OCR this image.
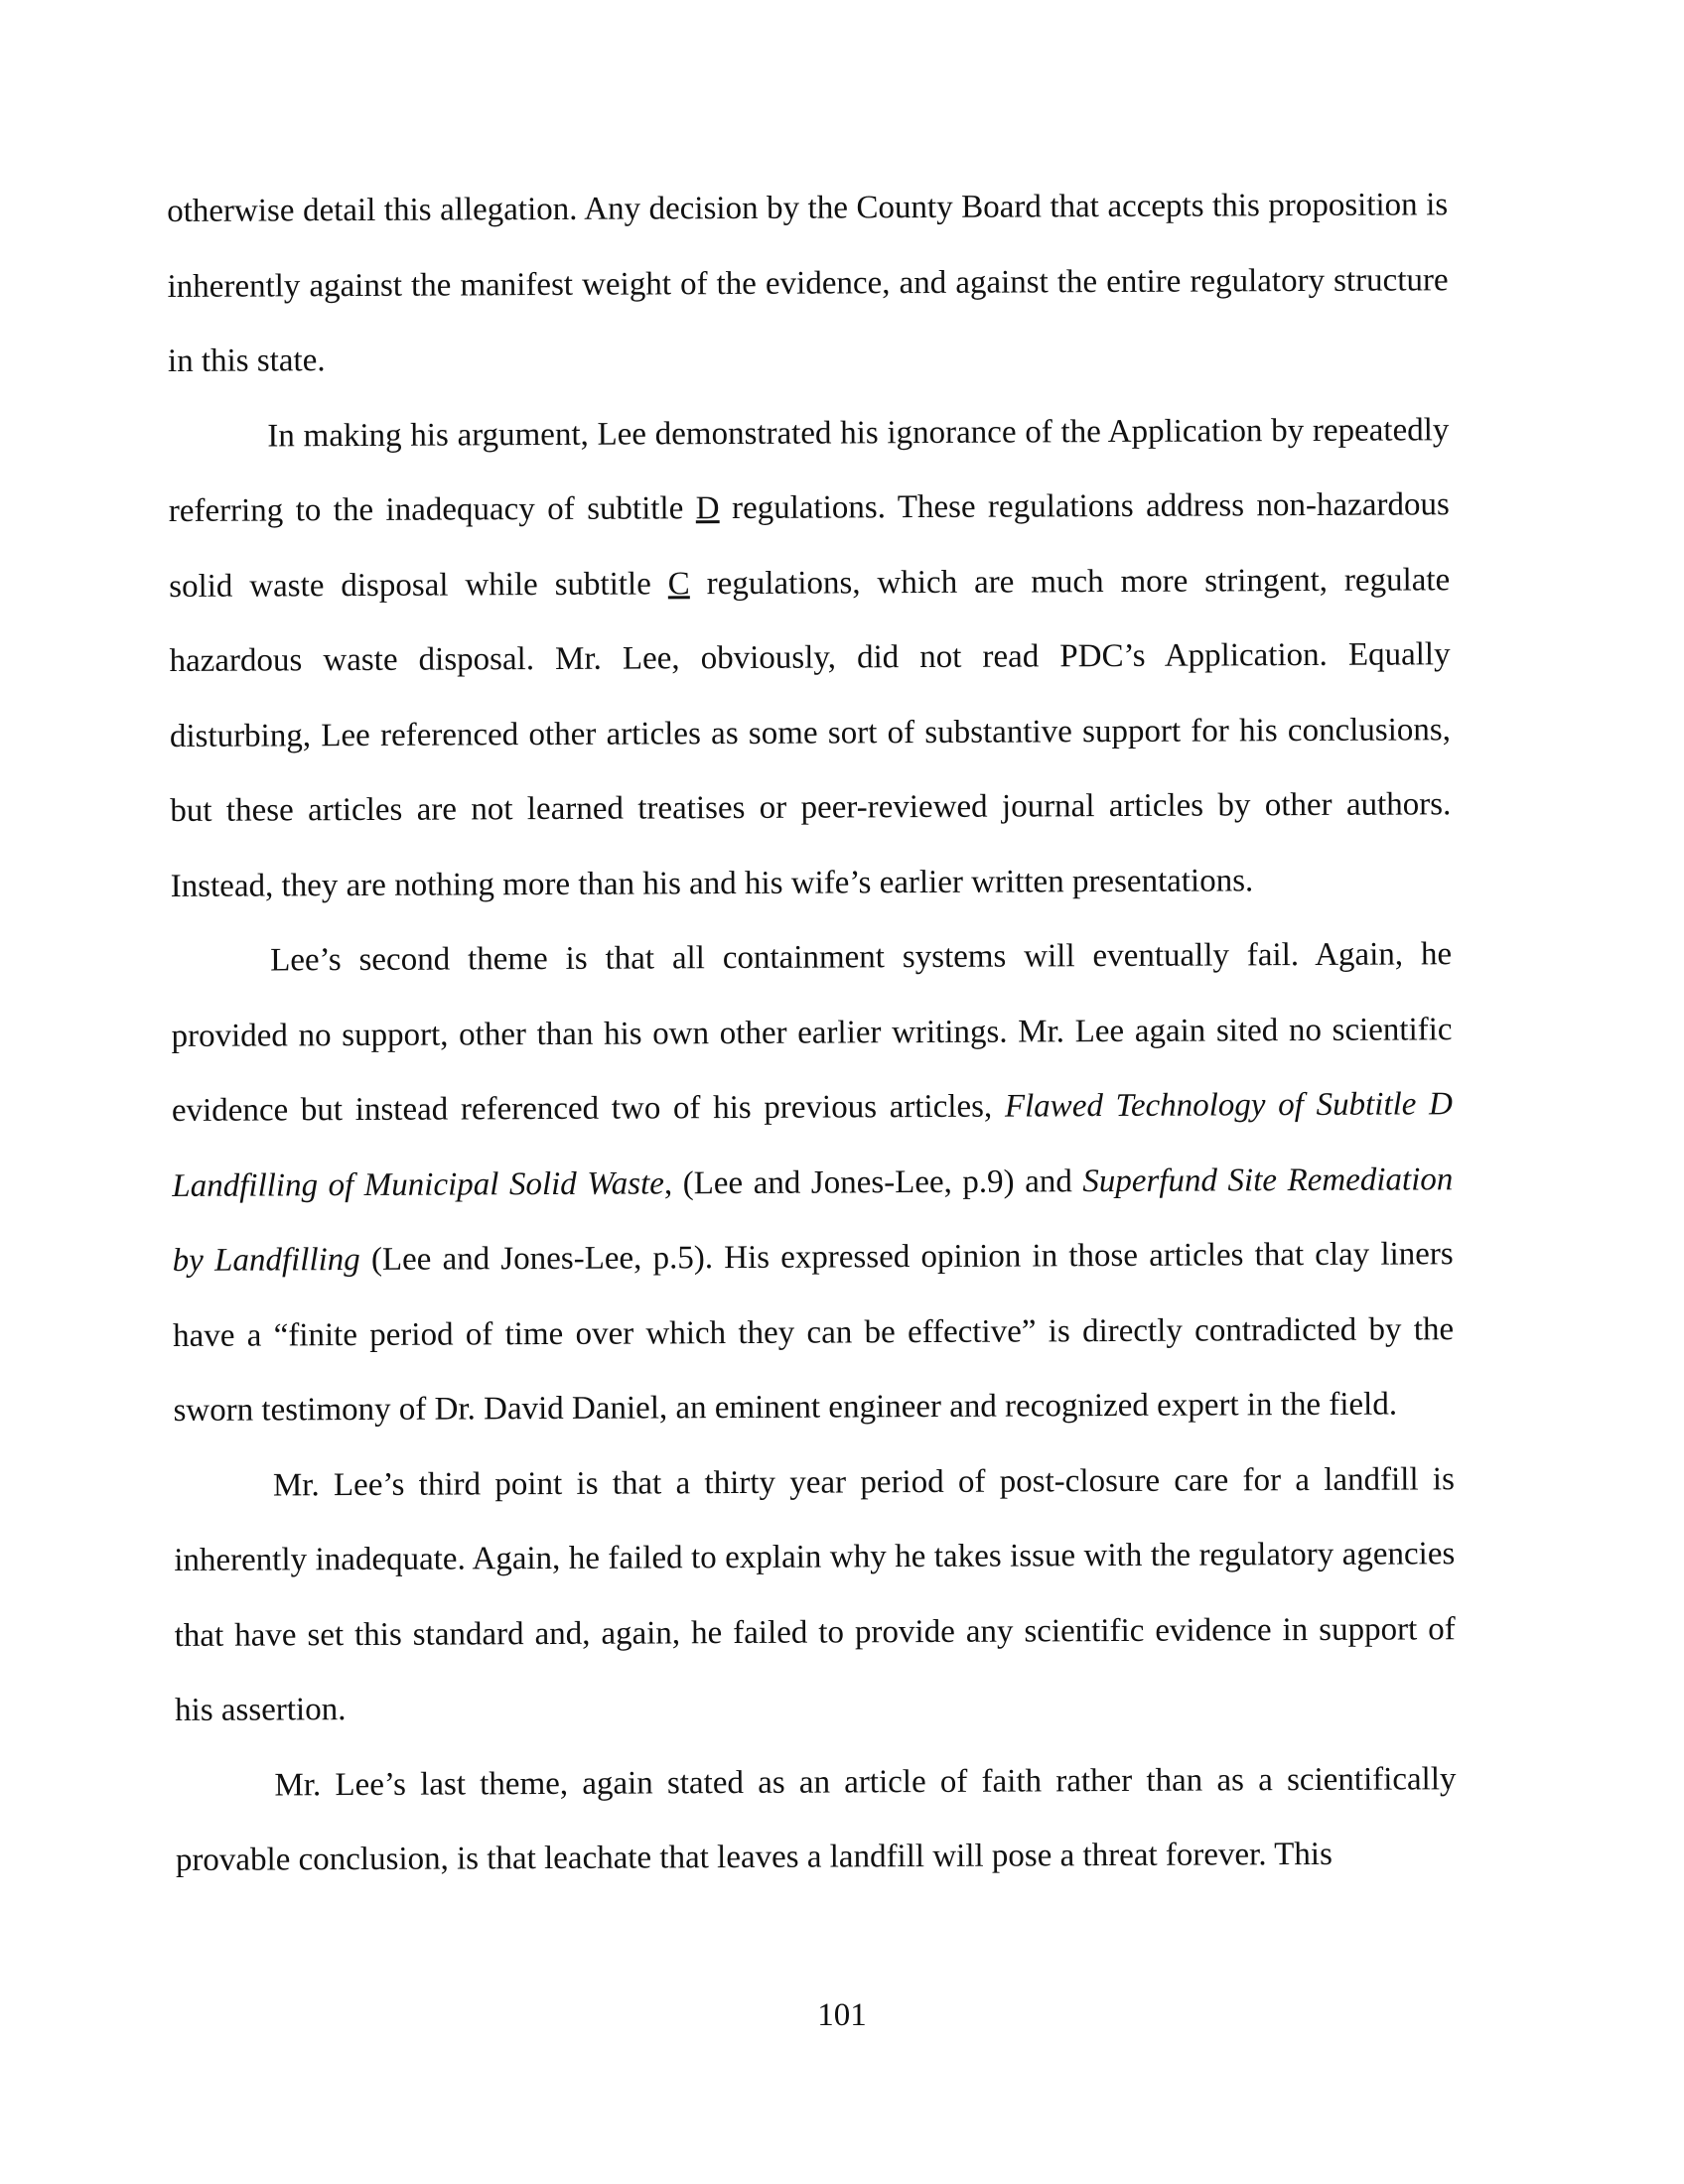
otherwise detail this allegation. Any decision by the County Board that accepts this proposition is inherently against the manifest weight of the evidence, and against the entire regulatory structure in this state.

In making his argument, Lee demonstrated his ignorance of the Application by repeatedly referring to the inadequacy of subtitle D regulations. These regulations address non-hazardous solid waste disposal while subtitle C regulations, which are much more stringent, regulate hazardous waste disposal. Mr. Lee, obviously, did not read PDC’s Application. Equally disturbing, Lee referenced other articles as some sort of substantive support for his conclusions, but these articles are not learned treatises or peer-reviewed journal articles by other authors. Instead, they are nothing more than his and his wife’s earlier written presentations.

Lee’s second theme is that all containment systems will eventually fail. Again, he provided no support, other than his own other earlier writings. Mr. Lee again sited no scientific evidence but instead referenced two of his previous articles, Flawed Technology of Subtitle D Landfilling of Municipal Solid Waste, (Lee and Jones-Lee, p.9) and Superfund Site Remediation by Landfilling (Lee and Jones-Lee, p.5). His expressed opinion in those articles that clay liners have a “finite period of time over which they can be effective” is directly contradicted by the sworn testimony of Dr. David Daniel, an eminent engineer and recognized expert in the field.

Mr. Lee’s third point is that a thirty year period of post-closure care for a landfill is inherently inadequate. Again, he failed to explain why he takes issue with the regulatory agencies that have set this standard and, again, he failed to provide any scientific evidence in support of his assertion.

Mr. Lee’s last theme, again stated as an article of faith rather than as a scientifically provable conclusion, is that leachate that leaves a landfill will pose a threat forever. This

101
